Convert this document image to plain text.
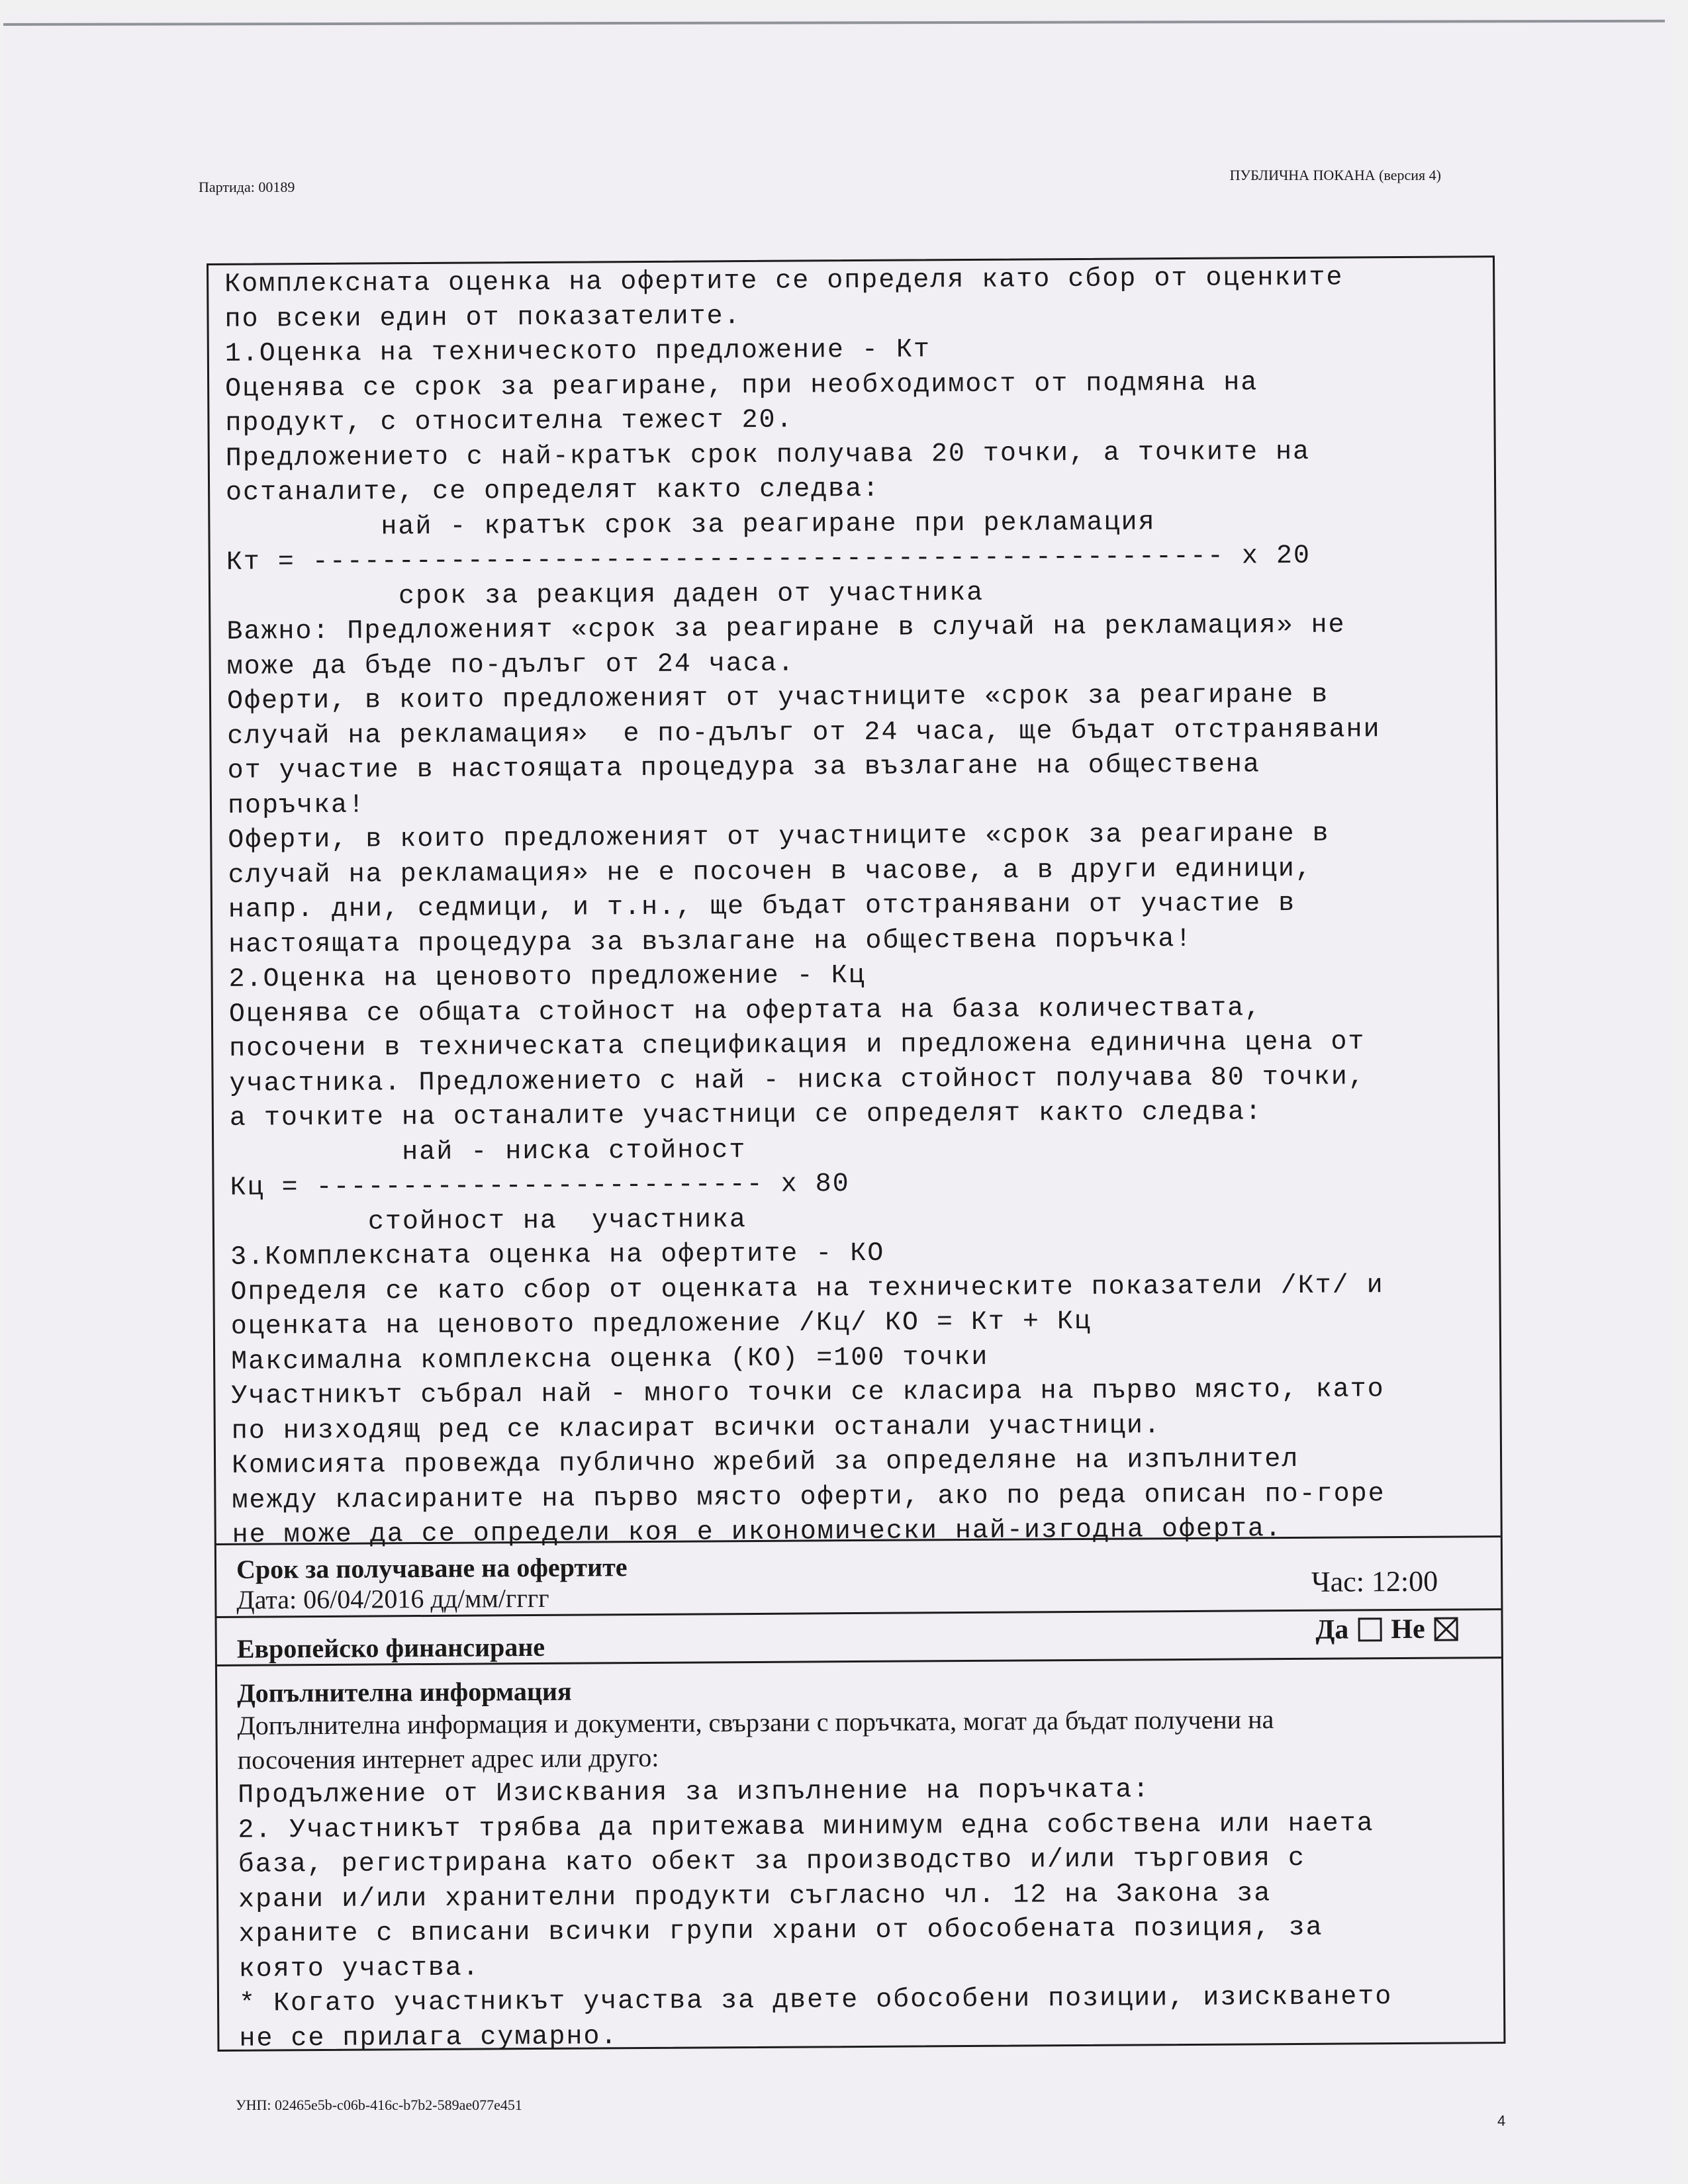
Партида: 00189
ПУБЛИЧНА ПОКАНА (версия 4)
Комплексната оценка на офертите се определя като сбор от оценките
по всеки един от показателите.
1.Оценка на техническото предложение - Кт
Оценява се срок за реагиране, при необходимост от подмяна на
продукт, с относителна тежест 20.
Предложението с най-кратък срок получава 20 точки, а точките на
останалите, се определят както следва:
най - кратък срок за реагиране при рекламация
Кт = ----------------------------------------------------- х 20
срок за реакция даден от участника
Важно: Предложеният «срок за реагиране в случай на рекламация» не
може да бъде по-дълъг от 24 часа.
Оферти, в които предложеният от участниците «срок за реагиране в
случай на рекламация»  е по-дълъг от 24 часа, ще бъдат отстранявани
от участие в настоящата процедура за възлагане на обществена
поръчка!
Оферти, в които предложеният от участниците «срок за реагиране в
случай на рекламация» не е посочен в часове, а в други единици,
напр. дни, седмици, и т.н., ще бъдат отстранявани от участие в
настоящата процедура за възлагане на обществена поръчка!
2.Оценка на ценовото предложение - Кц
Оценява се общата стойност на офертата на база количествата,
посочени в техническата спецификация и предложена единична цена от
участника. Предложението с най - ниска стойност получава 80 точки,
а точките на останалите участници се определят както следва:
най - ниска стойност
Кц = -------------------------- х 80
стойност на  участника
3.Комплексната оценка на офертите - КО
Определя се като сбор от оценката на техническите показатели /Кт/ и
оценката на ценовото предложение /Кц/ КО = Кт + Кц
Максимална комплексна оценка (КО) =100 точки
Участникът събрал най - много точки се класира на първо място, като
по низходящ ред се класират всички останали участници.
Комисията провежда публично жребий за определяне на изпълнител
между класираните на първо място оферти, ако по реда описан по-горе
не може да се определи коя е икономически най-изгодна оферта.
Срок за получаване на офертите
Дата: 06/04/2016 дд/мм/гггг
Час: 12:00
Европейско финансиране
Да Не
Допълнителна информация
Допълнителна информация и документи, свързани с поръчката, могат да бъдат получени на
посочения интернет адрес или друго:
Продължение от Изисквания за изпълнение на поръчката:
2. Участникът трябва да притежава минимум една собствена или наета
база, регистрирана като обект за производство и/или търговия с
храни и/или хранителни продукти съгласно чл. 12 на Закона за
храните с вписани всички групи храни от обособената позиция, за
която участва.
* Когато участникът участва за двете обособени позиции, изискването
не се прилага сумарно.
УНП: 02465e5b-c06b-416c-b7b2-589ae077e451
4
